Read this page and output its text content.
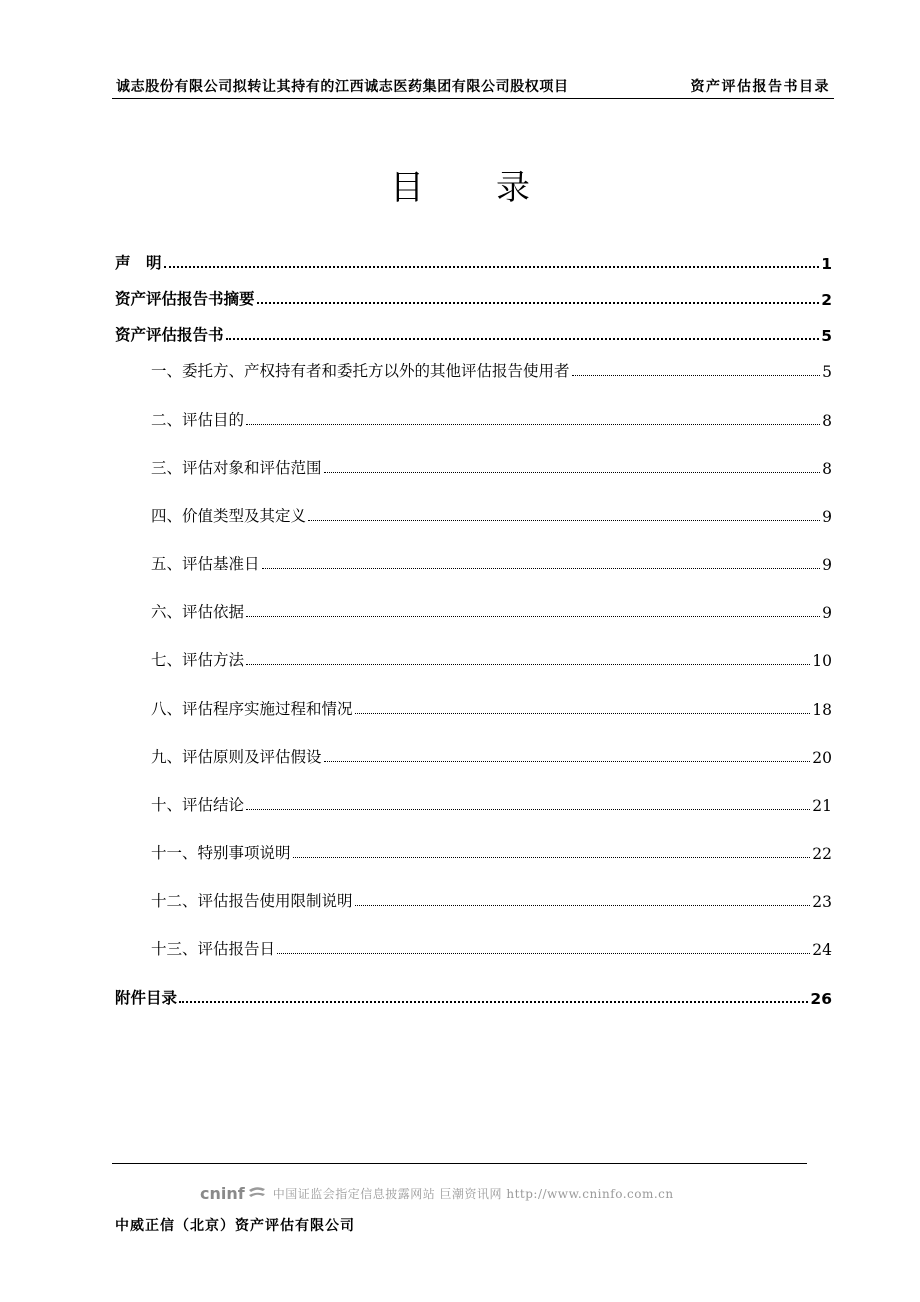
诚志股份有限公司拟转让其持有的江西诚志医药集团有限公司股权项目	资产评估报告书目录
目录
声　明	1
资产评估报告书摘要	2
资产评估报告书	5
一、委托方、产权持有者和委托方以外的其他评估报告使用者	5
二、评估目的	8
三、评估对象和评估范围	8
四、价值类型及其定义	9
五、评估基准日	9
六、评估依据	9
七、评估方法	10
八、评估程序实施过程和情况	18
九、评估原则及评估假设	20
十、评估结论	21
十一、特别事项说明	22
十二、评估报告使用限制说明	23
十三、评估报告日	24
附件目录	26
cninf 中国证监会指定信息披露网站 巨潮资讯网 http://www.cninfo.com.cn
中威正信（北京）资产评估有限公司
